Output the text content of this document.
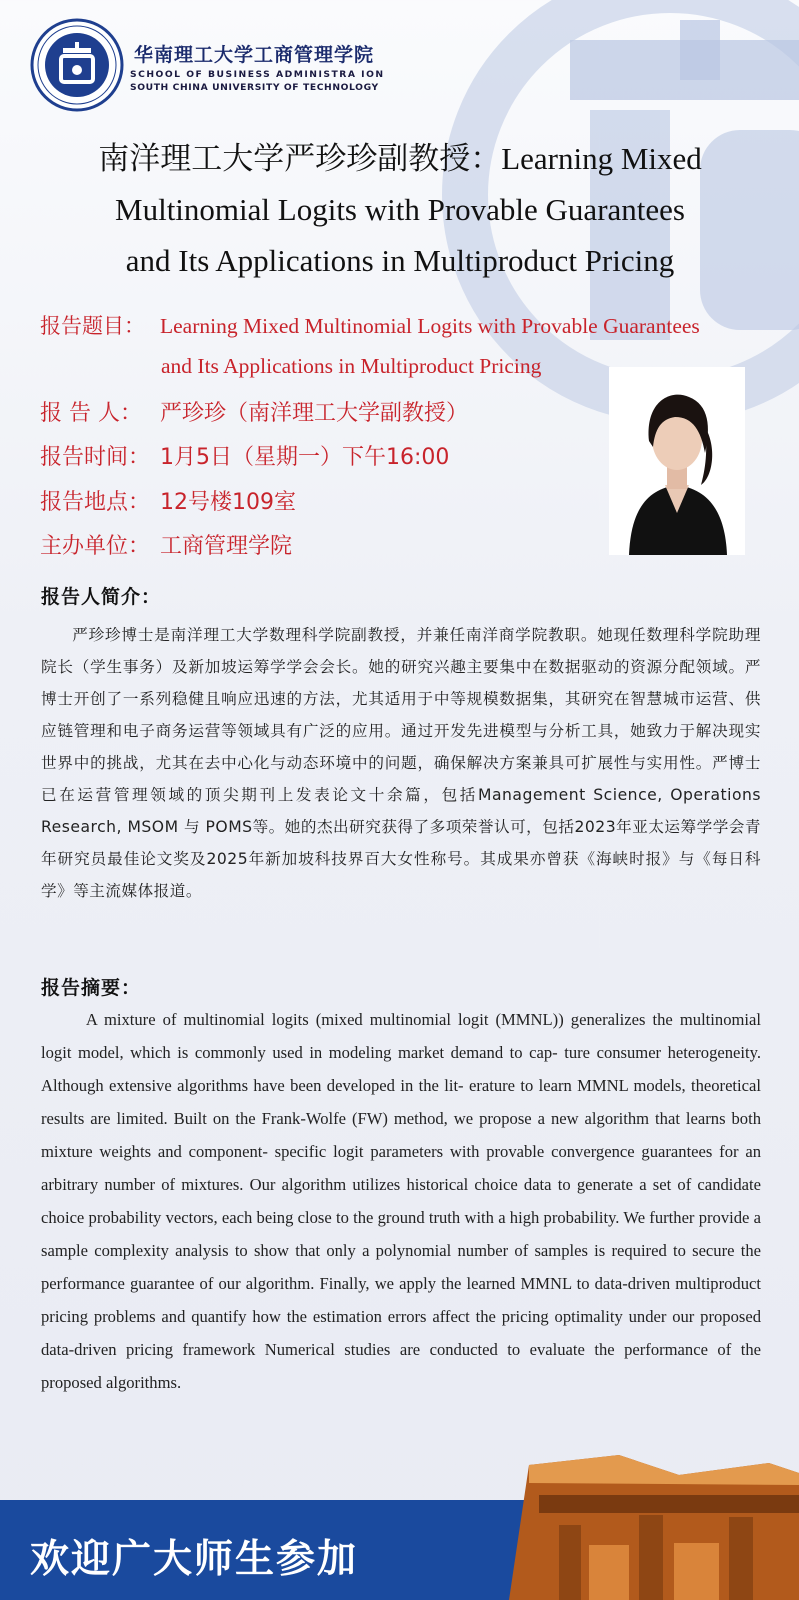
华南理工大学工商管理学院
SCHOOL OF BUSINESS ADMINISTRA ION
SOUTH CHINA UNIVERSITY OF TECHNOLOGY
南洋理工大学严珍珍副教授：Learning Mixed
Multinomial Logits with Provable Guarantees
and Its Applications in Multiproduct Pricing
报告题目： Learning Mixed Multinomial Logits with Provable Guarantees
and Its Applications in Multiproduct Pricing
报 告 人： 严珍珍（南洋理工大学副教授）
报告时间： 1月5日（星期一）下午16:00
报告地点： 12号楼109室
主办单位： 工商管理学院
报告人简介：

严珍珍博士是南洋理工大学数理科学院副教授，并兼任南洋商学院教职。她现任数理科学院助理院长（学生事务）及新加坡运筹学学会会长。她的研究兴趣主要集中在数据驱动的资源分配领域。严博士开创了一系列稳健且响应迅速的方法，尤其适用于中等规模数据集，其研究在智慧城市运营、供应链管理和电子商务运营等领域具有广泛的应用。通过开发先进模型与分析工具，她致力于解决现实世界中的挑战，尤其在去中心化与动态环境中的问题，确保解决方案兼具可扩展性与实用性。严博士已在运营管理领域的顶尖期刊上发表论文十余篇，包括Management Science, Operations Research, MSOM 与 POMS等。她的杰出研究获得了多项荣誉认可，包括2023年亚太运筹学学会青年研究员最佳论文奖及2025年新加坡科技界百大女性称号。其成果亦曾获《海峡时报》与《每日科学》等主流媒体报道。

报告摘要：

A mixture of multinomial logits (mixed multinomial logit (MMNL)) generalizes the multinomial logit model, which is commonly used in modeling market demand to cap- ture consumer heterogeneity. Although extensive algorithms have been developed in the lit- erature to learn MMNL models, theoretical results are limited. Built on the Frank-Wolfe (FW) method, we propose a new algorithm that learns both mixture weights and component- specific logit parameters with provable convergence guarantees for an arbitrary number of mixtures. Our algorithm utilizes historical choice data to generate a set of candidate choice probability vectors, each being close to the ground truth with a high probability. We further provide a sample complexity analysis to show that only a polynomial number of samples is required to secure the performance guarantee of our algorithm. Finally, we apply the learned MMNL to data-driven multiproduct pricing problems and quantify how the estimation errors affect the pricing optimality under our proposed data-driven pricing framework Numerical studies are conducted to evaluate the performance of the proposed algorithms.

欢迎广大师生参加
